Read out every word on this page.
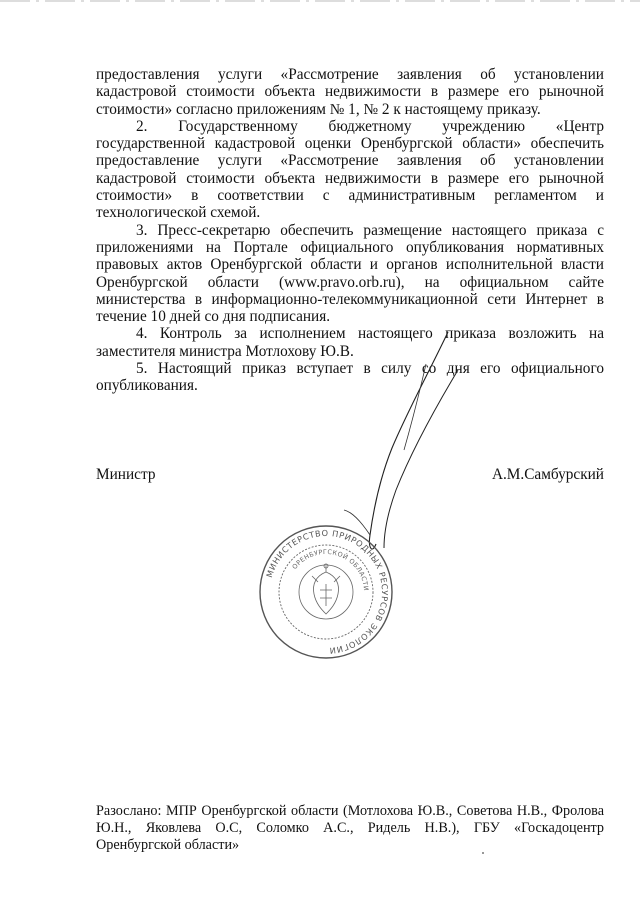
предоставления услуги «Рассмотрение заявления об установлении кадастровой стоимости объекта недвижимости в размере его рыночной стоимости» согласно приложениям № 1, № 2 к настоящему приказу.

2. Государственному бюджетному учреждению «Центр государственной кадастровой оценки Оренбургской области» обеспечить предоставление услуги «Рассмотрение заявления об установлении кадастровой стоимости объекта недвижимости в размере его рыночной стоимости» в соответствии с административным регламентом и технологической схемой.

3. Пресс-секретарю обеспечить размещение настоящего приказа с приложениями на Портале официального опубликования нормативных правовых актов Оренбургской области и органов исполнительной власти Оренбургской области (www.pravo.orb.ru), на официальном сайте министерства в информационно-телекоммуникационной сети Интернет в течение 10 дней со дня подписания.

4. Контроль за исполнением настоящего приказа возложить на заместителя министра Мотлохову Ю.В.

5. Настоящий приказ вступает в силу со дня его официального опубликования.

Министр	А.М.Самбурский
МИНИСТЕРСТВО ПРИРОДНЫХ РЕСУРСОВ ЭКОЛОГИИ
ОРЕНБУРГСКОЙ ОБЛАСТИ

Разослано: МПР Оренбургской области (Мотлохова Ю.В., Советова Н.В., Фролова Ю.Н., Яковлева О.С, Соломко А.С., Ридель Н.В.), ГБУ «Госкадоцентр Оренбургской области»
